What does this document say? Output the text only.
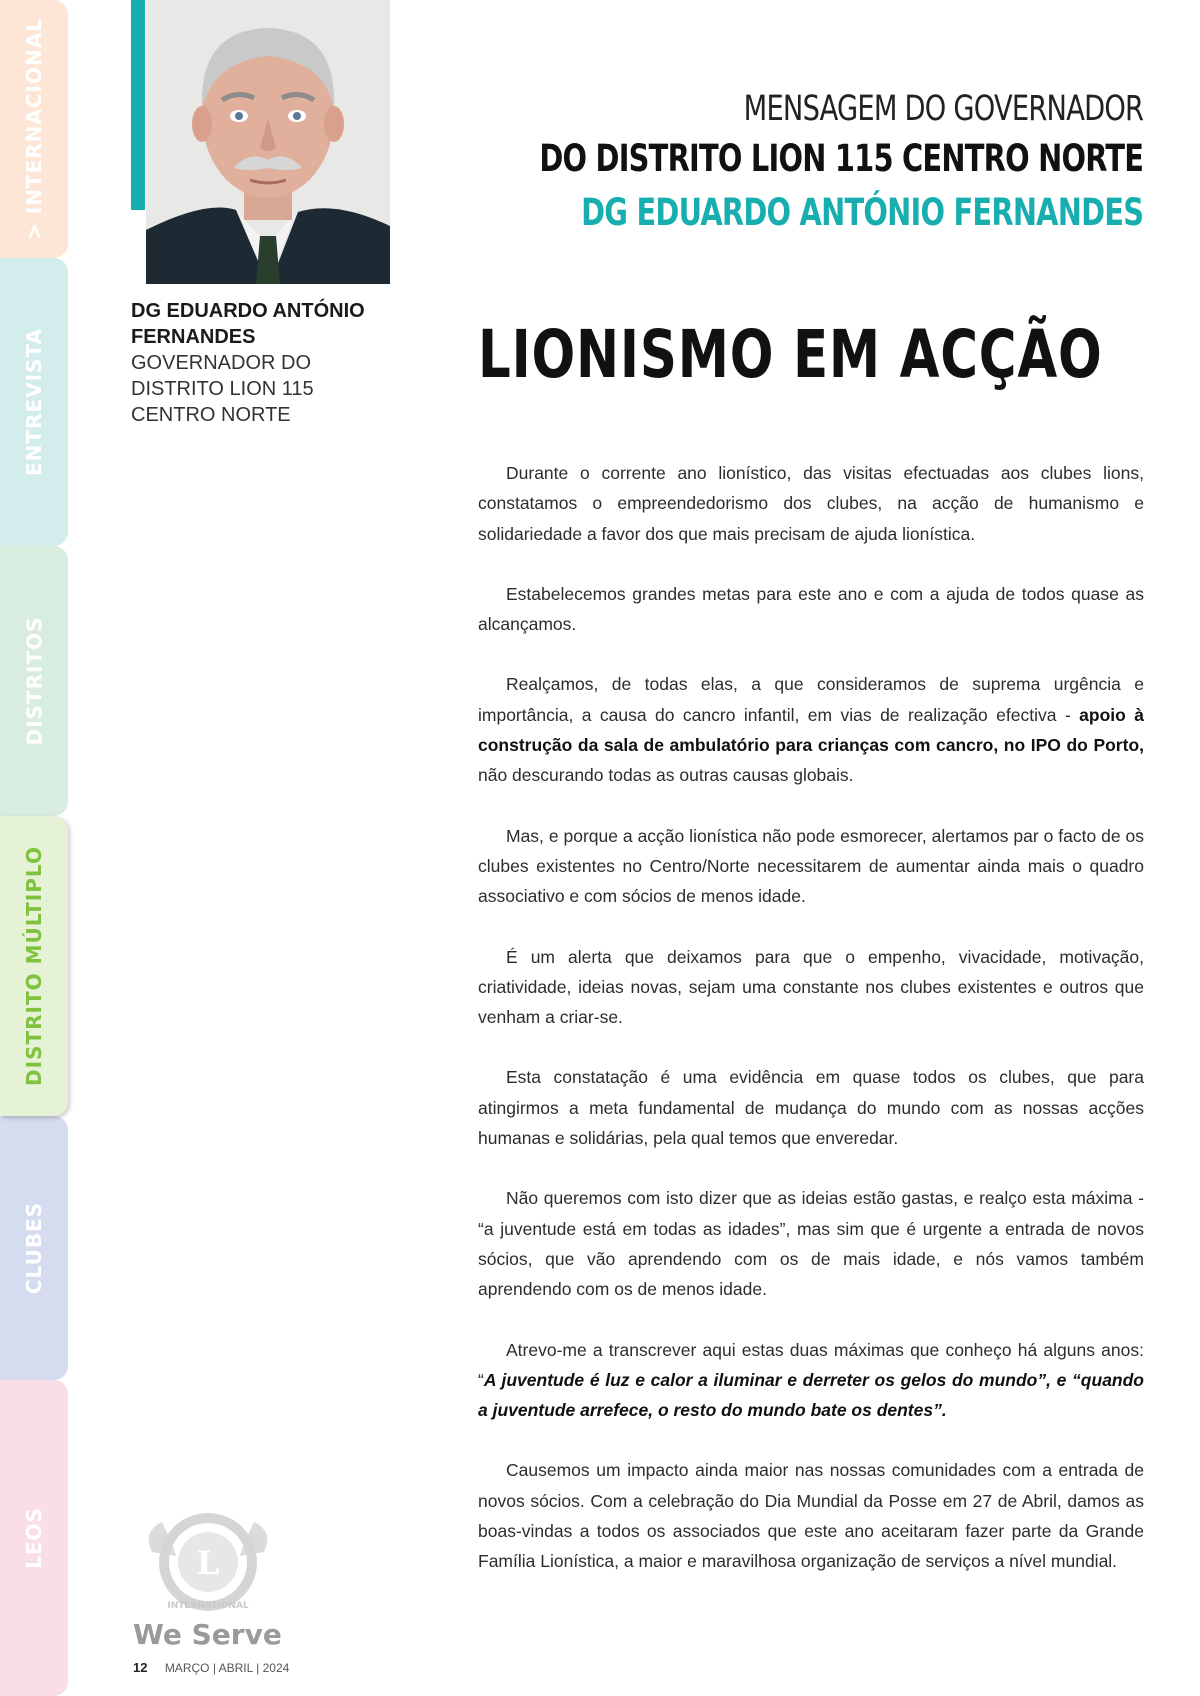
> INTERNACIONAL
ENTREVISTA
DISTRITOS
DISTRITO MÚLTIPLO
CLUBES
LEOS
DG EDUARDO ANTÓNIO FERNANDES
GOVERNADOR DO DISTRITO LION 115 CENTRO NORTE
MENSAGEM DO GOVERNADOR
DO DISTRITO LION 115 CENTRO NORTE
DG EDUARDO ANTÓNIO FERNANDES
LIONISMO EM ACÇÃO

Durante o corrente ano lionístico, das visitas efectuadas aos clubes lions, constatamos o empreendedorismo dos clubes, na acção de humanismo e solidariedade a favor dos que mais precisam de ajuda lionística.

Estabelecemos grandes metas para este ano e com a ajuda de todos quase as alcançamos.

Realçamos, de todas elas, a que consideramos de suprema urgência e importância, a causa do cancro infantil, em vias de realização efectiva - apoio à construção da sala de ambulatório para crianças com cancro, no IPO do Porto, não descurando todas as outras causas globais.

Mas, e porque a acção lionística não pode esmorecer, alertamos par o facto de os clubes existentes no Centro/Norte necessitarem de aumentar ainda mais o quadro associativo e com sócios de menos idade.

É um alerta que deixamos para que o empenho, vivacidade, motivação, criatividade, ideias novas, sejam uma constante nos clubes existentes e outros que venham a criar-se.

Esta constatação é uma evidência em quase todos os clubes, que para atingirmos a meta fundamental de mudança do mundo com as nossas acções humanas e solidárias, pela qual temos que enveredar.

Não queremos com isto dizer que as ideias estão gastas, e realço esta máxima - “a juventude está em todas as idades”, mas sim que é urgente a entrada de novos sócios, que vão aprendendo com os de mais idade, e nós vamos também aprendendo com os de menos idade.

Atrevo-me a transcrever aqui estas duas máximas que conheço há alguns anos: “A juventude é luz e calor a iluminar e derreter os gelos do mundo”, e “quando a juventude arrefece, o resto do mundo bate os dentes”.

Causemos um impacto ainda maior nas nossas comunidades com a entrada de novos sócios. Com a celebração do Dia Mundial da Posse em 27 de Abril, damos as boas-vindas a todos os associados que este ano aceitaram fazer parte da Grande Família Lionística, a maior e maravilhosa organização de serviços a nível mundial.

L
INTERNATIONAL
We Serve
12 MARÇO | ABRIL | 2024
